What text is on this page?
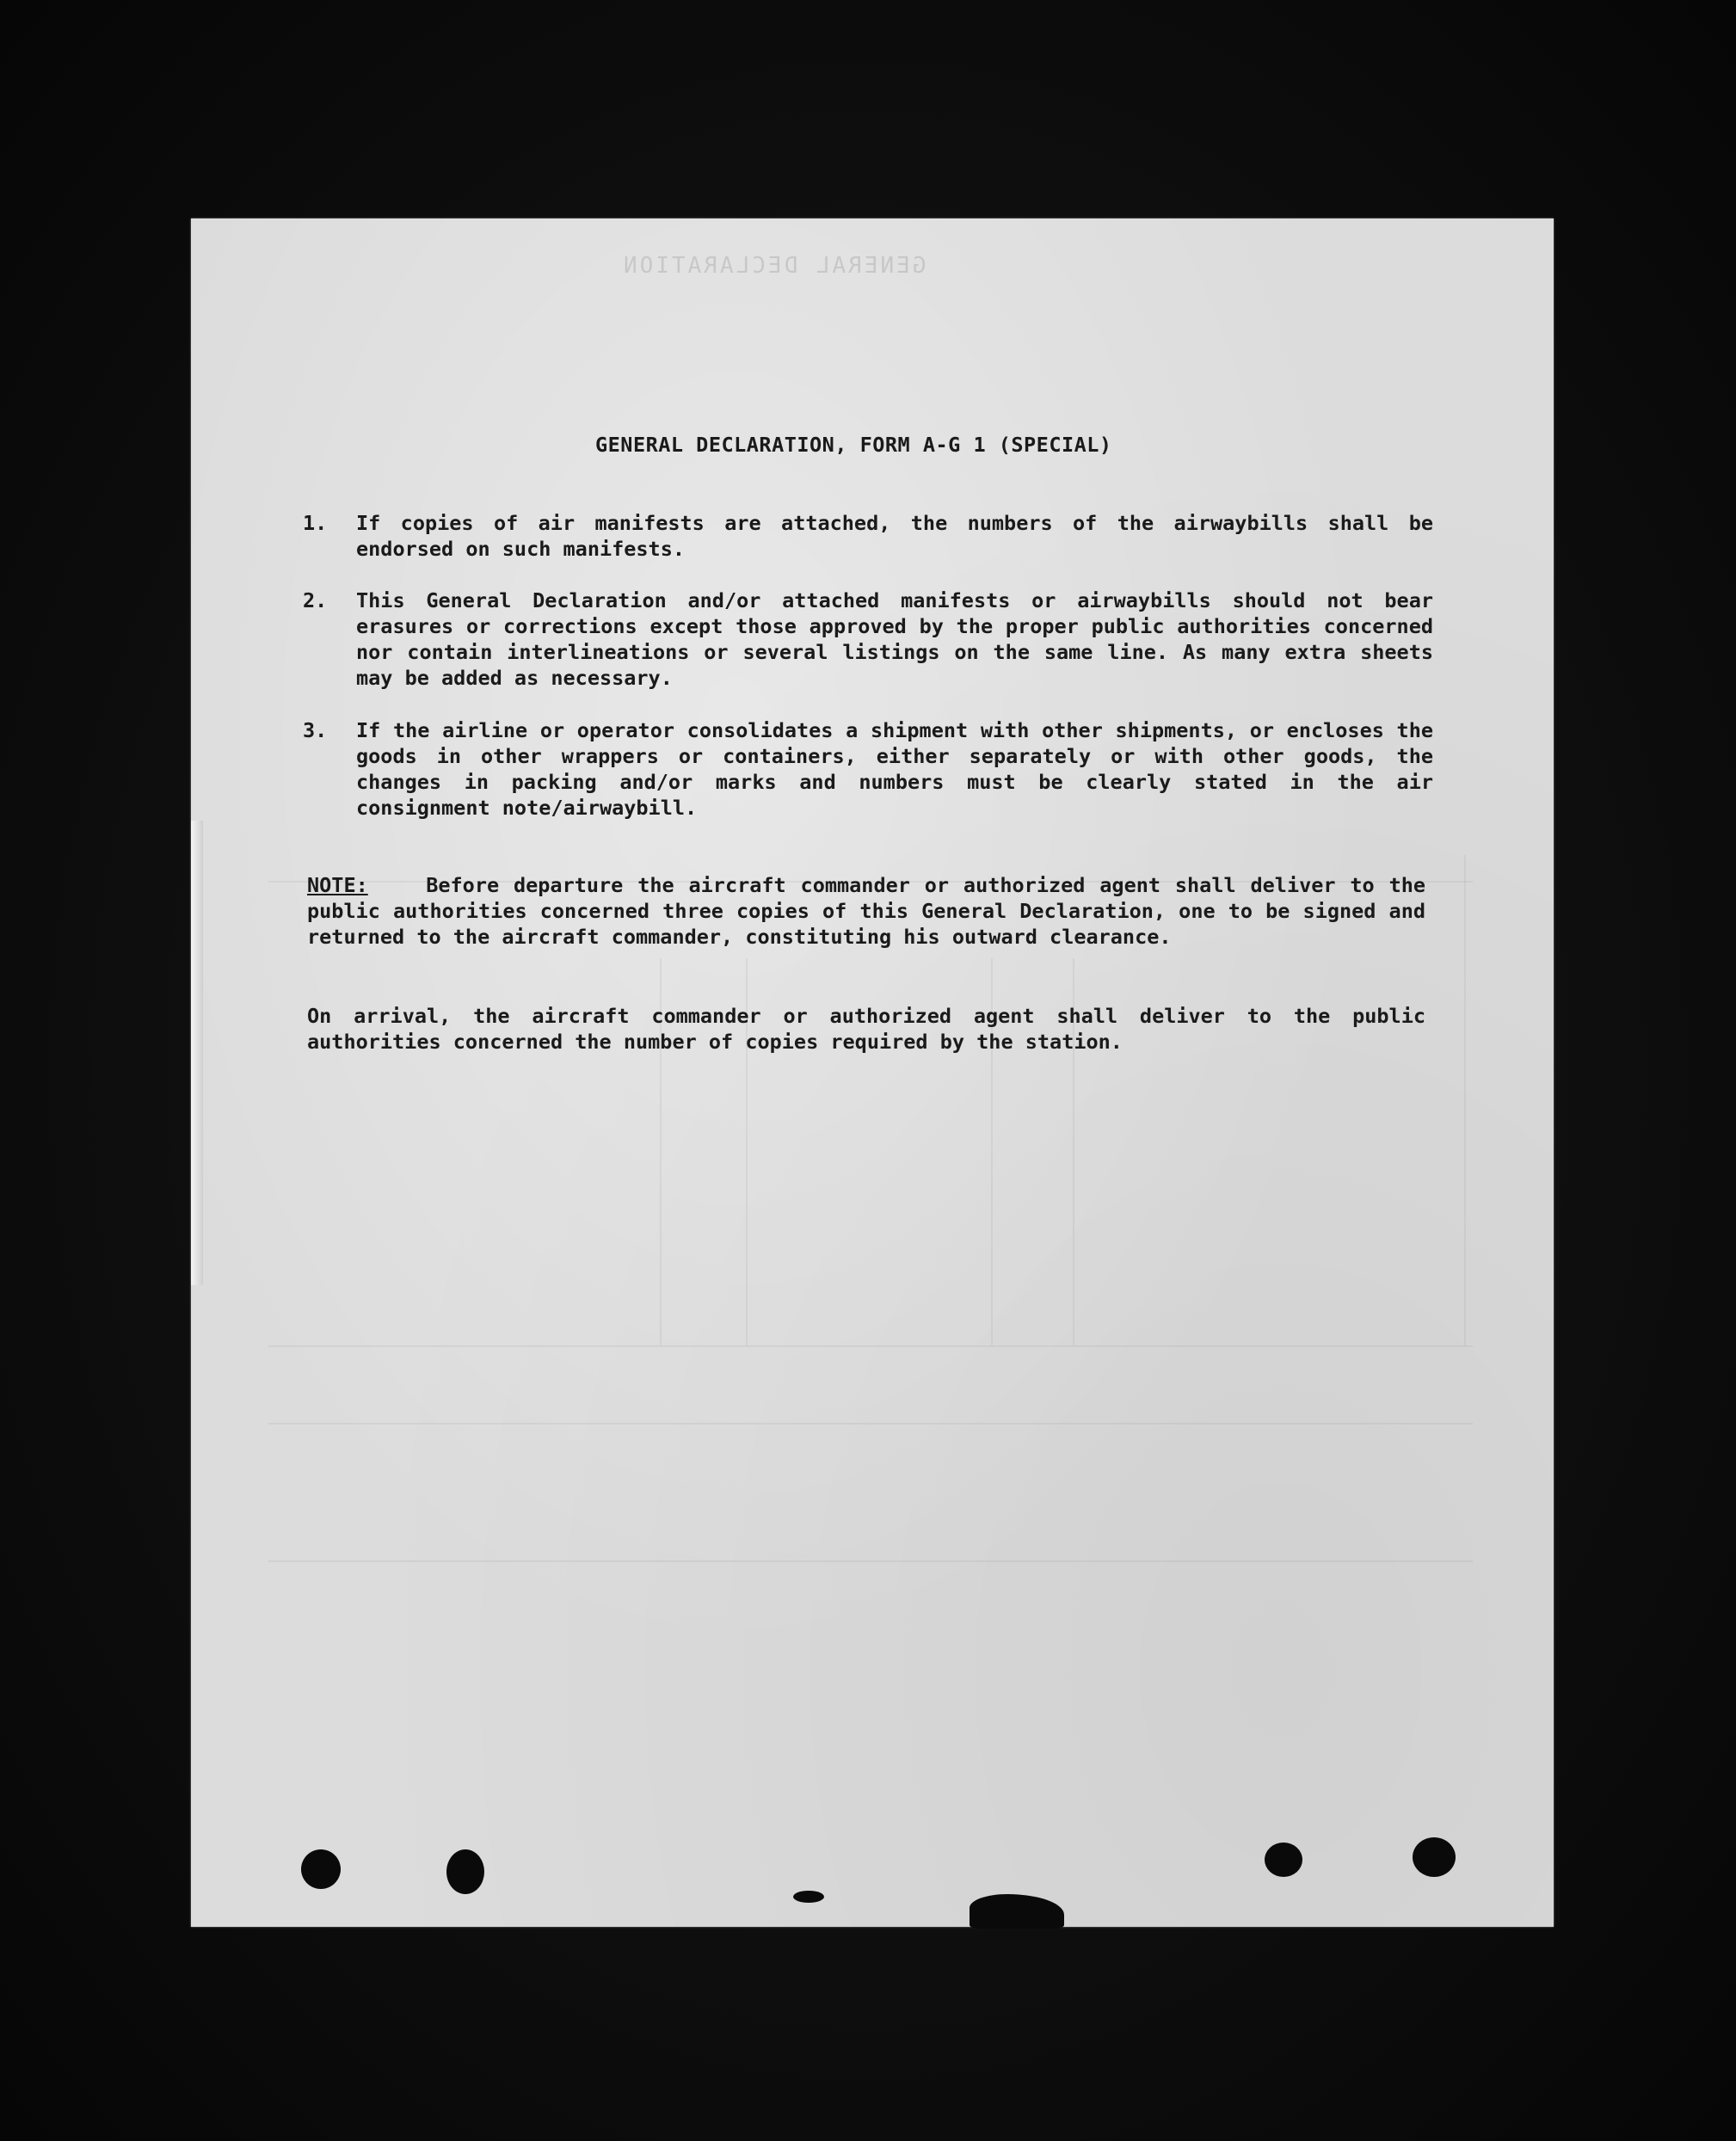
GENERAL DECLARATION
GENERAL DECLARATION, FORM A-G 1 (SPECIAL)
1.	If copies of air manifests are attached, the numbers of the airwaybills shall be endorsed on such manifests.
2.	This General Declaration and/or attached manifests or airwaybills should not bear erasures or corrections except those approved by the proper public authorities concerned nor contain interlineations or several listings on the same line. As many extra sheets may be added as necessary.
3.	If the airline or operator consolidates a shipment with other shipments, or encloses the goods in other wrappers or containers, either separately or with other goods, the changes in packing and/or marks and numbers must be clearly stated in the air consignment note/airwaybill.
NOTE:	Before departure the aircraft commander or authorized agent shall deliver to the public authorities concerned three copies of this General Declaration, one to be signed and returned to the aircraft commander, constituting his outward clearance.
On arrival, the aircraft commander or authorized agent shall deliver to the public authorities concerned the number of copies required by the station.
